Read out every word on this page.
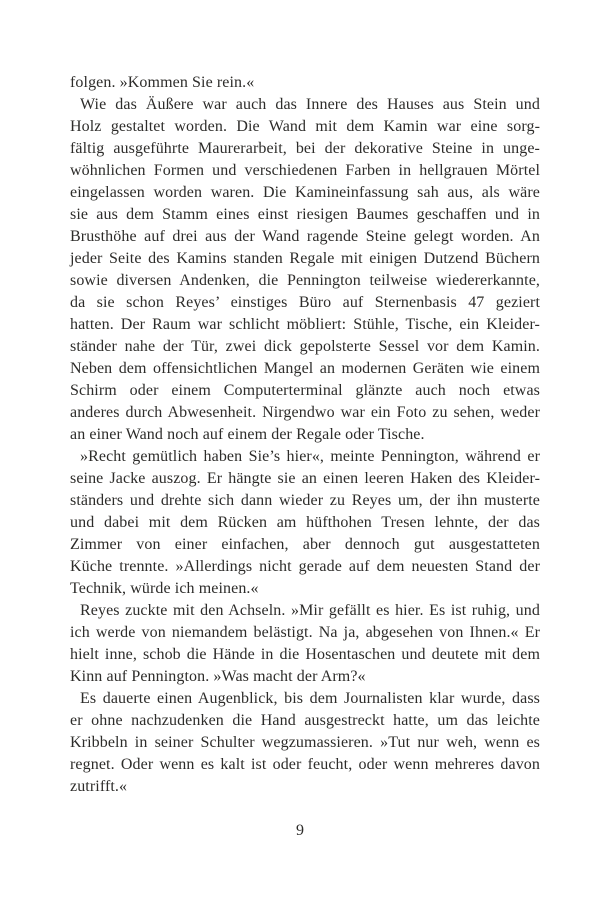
folgen. »Kommen Sie rein.«
Wie das Äußere war auch das Innere des Hauses aus Stein und
Holz gestaltet worden. Die Wand mit dem Kamin war eine sorg-
fältig ausgeführte Maurerarbeit, bei der dekorative Steine in unge-
wöhnlichen Formen und verschiedenen Farben in hellgrauen Mörtel
eingelassen worden waren. Die Kamineinfassung sah aus, als wäre
sie aus dem Stamm eines einst riesigen Baumes geschaffen und in
Brusthöhe auf drei aus der Wand ragende Steine gelegt worden. An
jeder Seite des Kamins standen Regale mit einigen Dutzend Büchern
sowie diversen Andenken, die Pennington teilweise wiedererkannte,
da sie schon Reyes’ einstiges Büro auf Sternenbasis 47 geziert
hatten. Der Raum war schlicht möbliert: Stühle, Tische, ein Kleider-
ständer nahe der Tür, zwei dick gepolsterte Sessel vor dem Kamin.
Neben dem offensichtlichen Mangel an modernen Geräten wie einem
Schirm oder einem Computerterminal glänzte auch noch etwas
anderes durch Abwesenheit. Nirgendwo war ein Foto zu sehen, weder
an einer Wand noch auf einem der Regale oder Tische.
»Recht gemütlich haben Sie’s hier«, meinte Pennington, während er
seine Jacke auszog. Er hängte sie an einen leeren Haken des Kleider-
ständers und drehte sich dann wieder zu Reyes um, der ihn musterte
und dabei mit dem Rücken am hüfthohen Tresen lehnte, der das
Zimmer von einer einfachen, aber dennoch gut ausgestatteten
Küche trennte. »Allerdings nicht gerade auf dem neuesten Stand der
Technik, würde ich meinen.«
Reyes zuckte mit den Achseln. »Mir gefällt es hier. Es ist ruhig, und
ich werde von niemandem belästigt. Na ja, abgesehen von Ihnen.« Er
hielt inne, schob die Hände in die Hosentaschen und deutete mit dem
Kinn auf Pennington. »Was macht der Arm?«
Es dauerte einen Augenblick, bis dem Journalisten klar wurde, dass
er ohne nachzudenken die Hand ausgestreckt hatte, um das leichte
Kribbeln in seiner Schulter wegzumassieren. »Tut nur weh, wenn es
regnet. Oder wenn es kalt ist oder feucht, oder wenn mehreres davon
zutrifft.«
9
